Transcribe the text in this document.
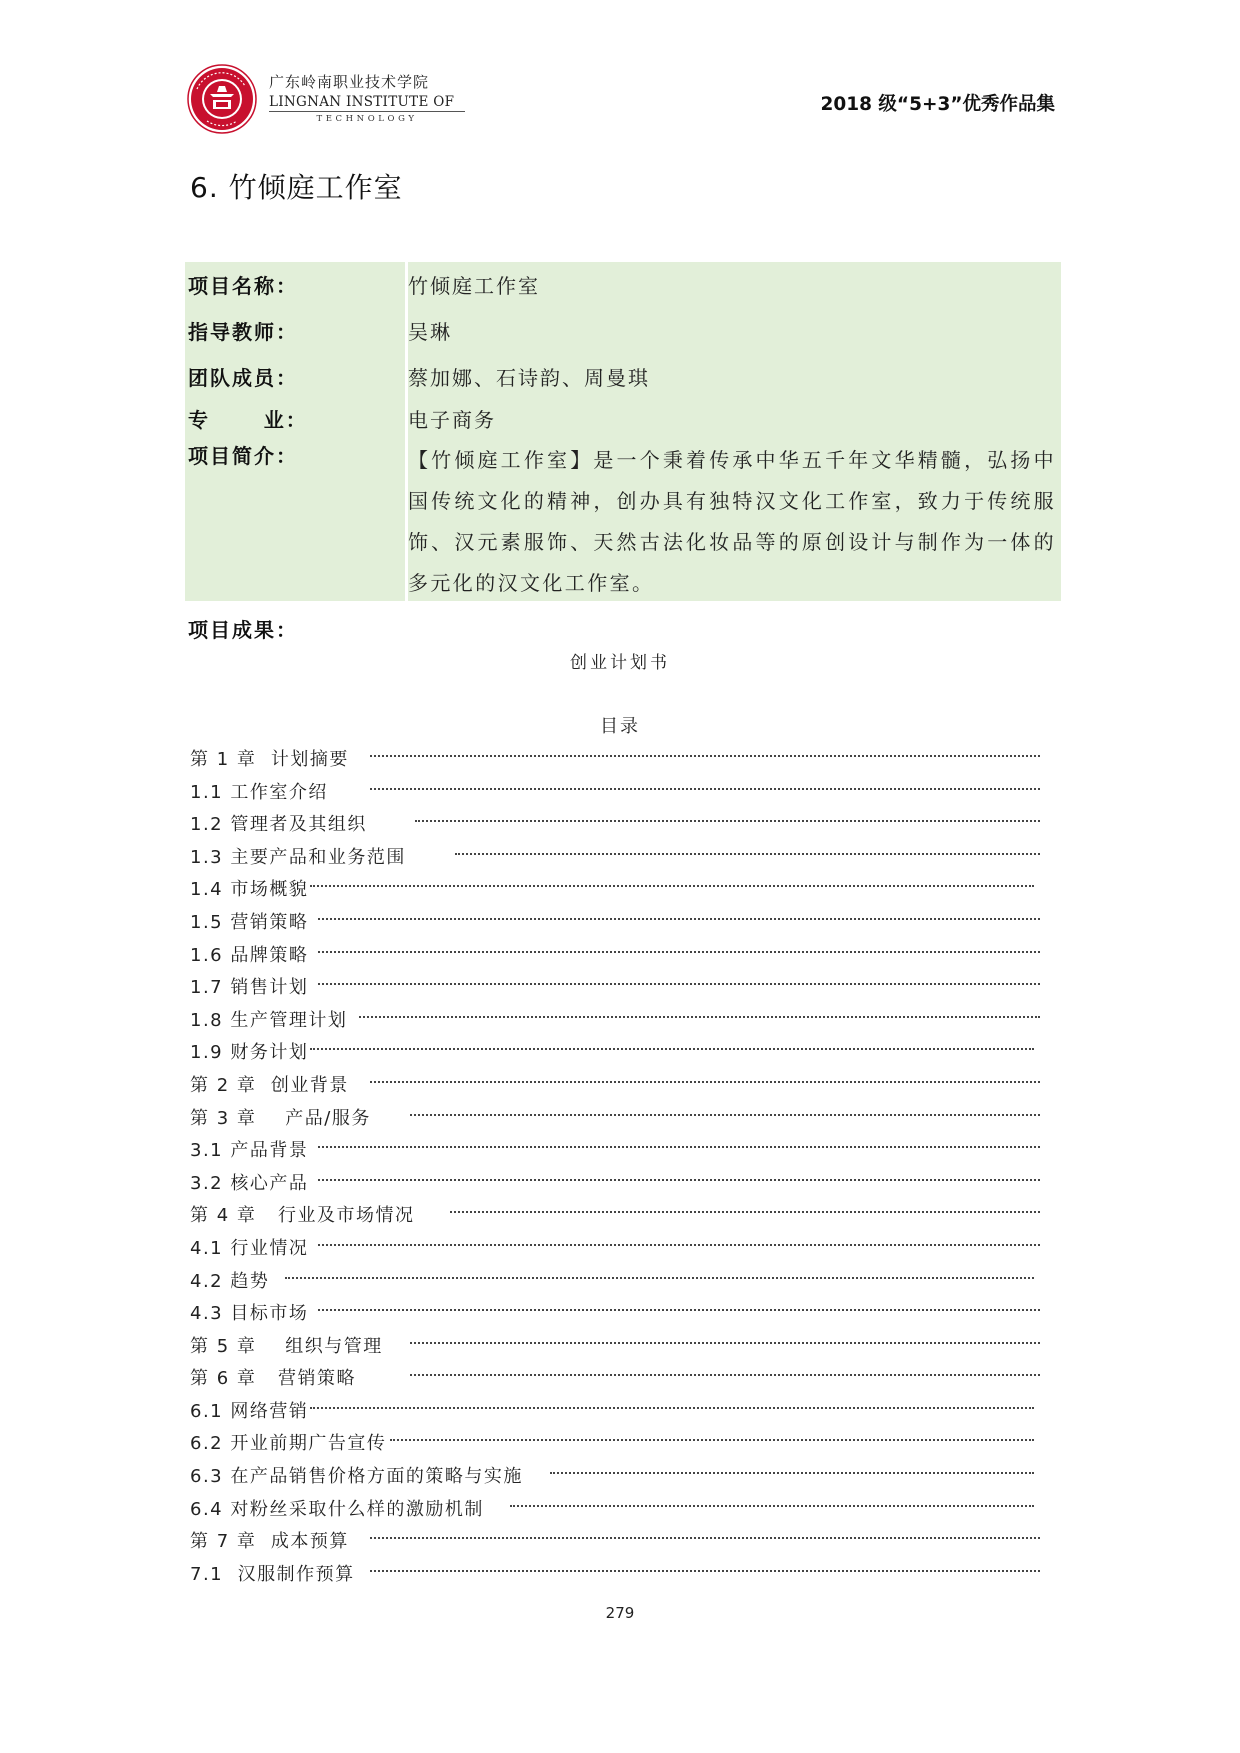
广东岭南职业技术学院
LINGNAN INSTITUTE OF
TECHNOLOGY
2018 级“5+3”优秀作品集
6. 竹倾庭工作室
项目名称：	竹倾庭工作室
指导教师：	吴琳
团队成员：	蔡加娜、石诗韵、周曼琪
专      业：	电子商务
项目简介：	【竹倾庭工作室】是一个秉着传承中华五千年文华精髓，弘扬中国传统文化的精神，创办具有独特汉文化工作室，致力于传统服饰、汉元素服饰、天然古法化妆品等的原创设计与制作为一体的多元化的汉文化工作室。
项目成果：
创业计划书
目录
第 1 章  计划摘要
1.1 工作室介绍
1.2 管理者及其组织
1.3 主要产品和业务范围
1.4 市场概貌
1.5 营销策略
1.6 品牌策略
1.7 销售计划
1.8 生产管理计划
1.9 财务计划
第 2 章  创业背景
第 3 章    产品/服务
3.1 产品背景
3.2 核心产品
第 4 章   行业及市场情况
4.1 行业情况
4.2 趋势
4.3 目标市场
第 5 章    组织与管理
第 6 章   营销策略
6.1 网络营销
6.2 开业前期广告宣传
6.3 在产品销售价格方面的策略与实施
6.4 对粉丝采取什么样的激励机制
第 7 章  成本预算
7.1  汉服制作预算
279
